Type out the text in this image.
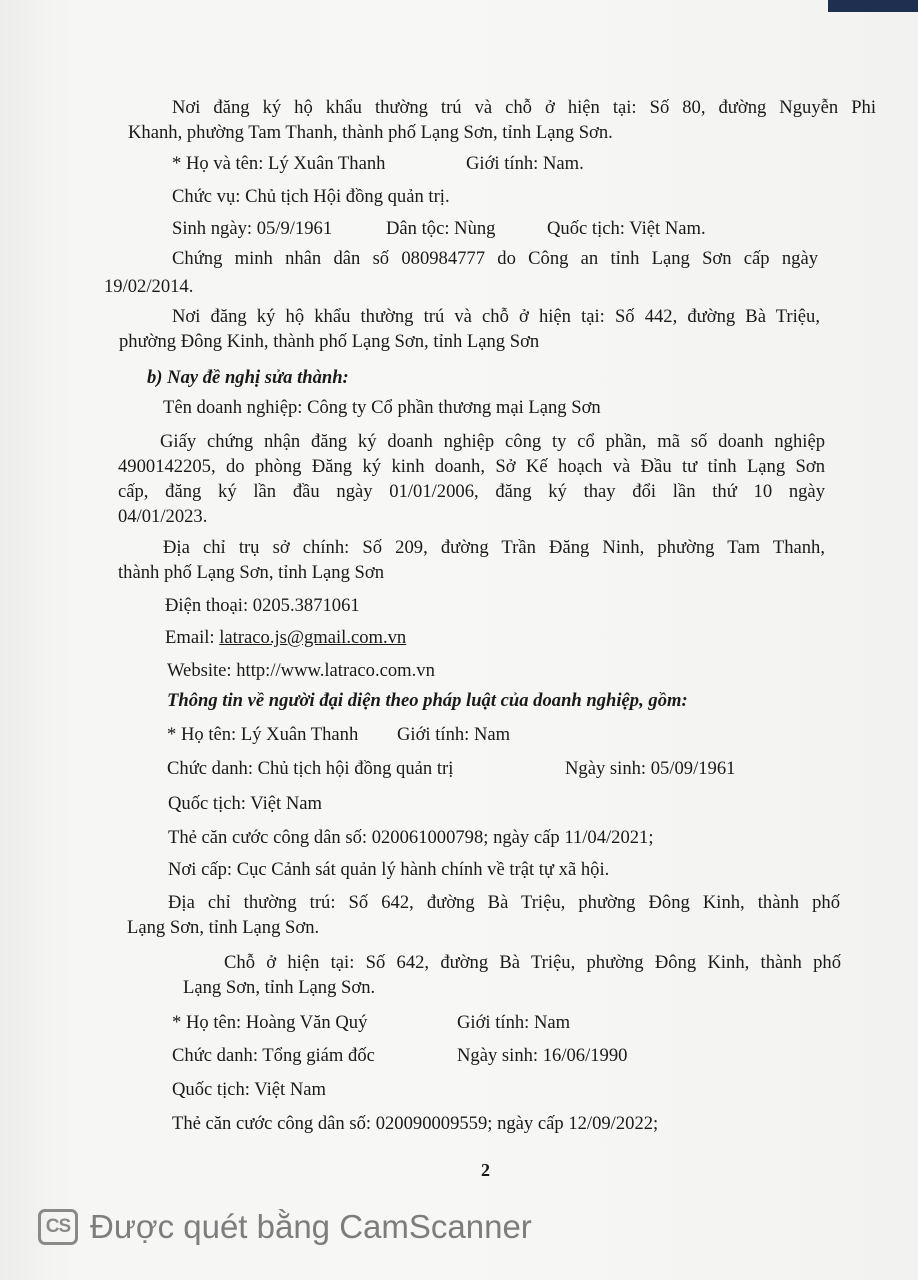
Nơi đăng ký hộ khẩu thường trú và chỗ ở hiện tại: Số 80, đường Nguyễn Phi
Khanh, phường Tam Thanh, thành phố Lạng Sơn, tỉnh Lạng Sơn.
* Họ và tên: Lý Xuân Thanh	Giới tính: Nam.
Chức vụ: Chủ tịch Hội đồng quản trị.
Sinh ngày: 05/9/1961	Dân tộc: Nùng	Quốc tịch: Việt Nam.
Chứng minh nhân dân số 080984777 do Công an tỉnh Lạng Sơn cấp ngày
19/02/2014.
Nơi đăng ký hộ khẩu thường trú và chỗ ở hiện tại: Số 442, đường Bà Triệu,
phường Đông Kinh, thành phố Lạng Sơn, tỉnh Lạng Sơn
b) Nay đề nghị sửa thành:
Tên doanh nghiệp: Công ty Cổ phần thương mại Lạng Sơn
Giấy chứng nhận đăng ký doanh nghiệp công ty cổ phần, mã số doanh nghiệp
4900142205, do phòng Đăng ký kinh doanh, Sở Kế hoạch và Đầu tư tỉnh Lạng Sơn
cấp, đăng ký lần đầu ngày 01/01/2006, đăng ký thay đổi lần thứ 10 ngày
04/01/2023.
Địa chỉ trụ sở chính: Số 209, đường Trần Đăng Ninh, phường Tam Thanh,
thành phố Lạng Sơn, tỉnh Lạng Sơn
Điện thoại: 0205.3871061
Email: latraco.js@gmail.com.vn
Website: http://www.latraco.com.vn
Thông tin về người đại diện theo pháp luật của doanh nghiệp, gồm:
* Họ tên: Lý Xuân Thanh Giới tính: Nam
Chức danh: Chủ tịch hội đồng quản trị	Ngày sinh: 05/09/1961
Quốc tịch: Việt Nam
Thẻ căn cước công dân số: 020061000798; ngày cấp 11/04/2021;
Nơi cấp: Cục Cảnh sát quản lý hành chính về trật tự xã hội.
Địa chỉ thường trú: Số 642, đường Bà Triệu, phường Đông Kinh, thành phố
Lạng Sơn, tỉnh Lạng Sơn.
Chỗ ở hiện tại: Số 642, đường Bà Triệu, phường Đông Kinh, thành phố
Lạng Sơn, tỉnh Lạng Sơn.
* Họ tên: Hoàng Văn Quý	Giới tính: Nam
Chức danh: Tổng giám đốc	Ngày sinh: 16/06/1990
Quốc tịch: Việt Nam
Thẻ căn cước công dân số: 020090009559; ngày cấp 12/09/2022;
2
CS Được quét bằng CamScanner
